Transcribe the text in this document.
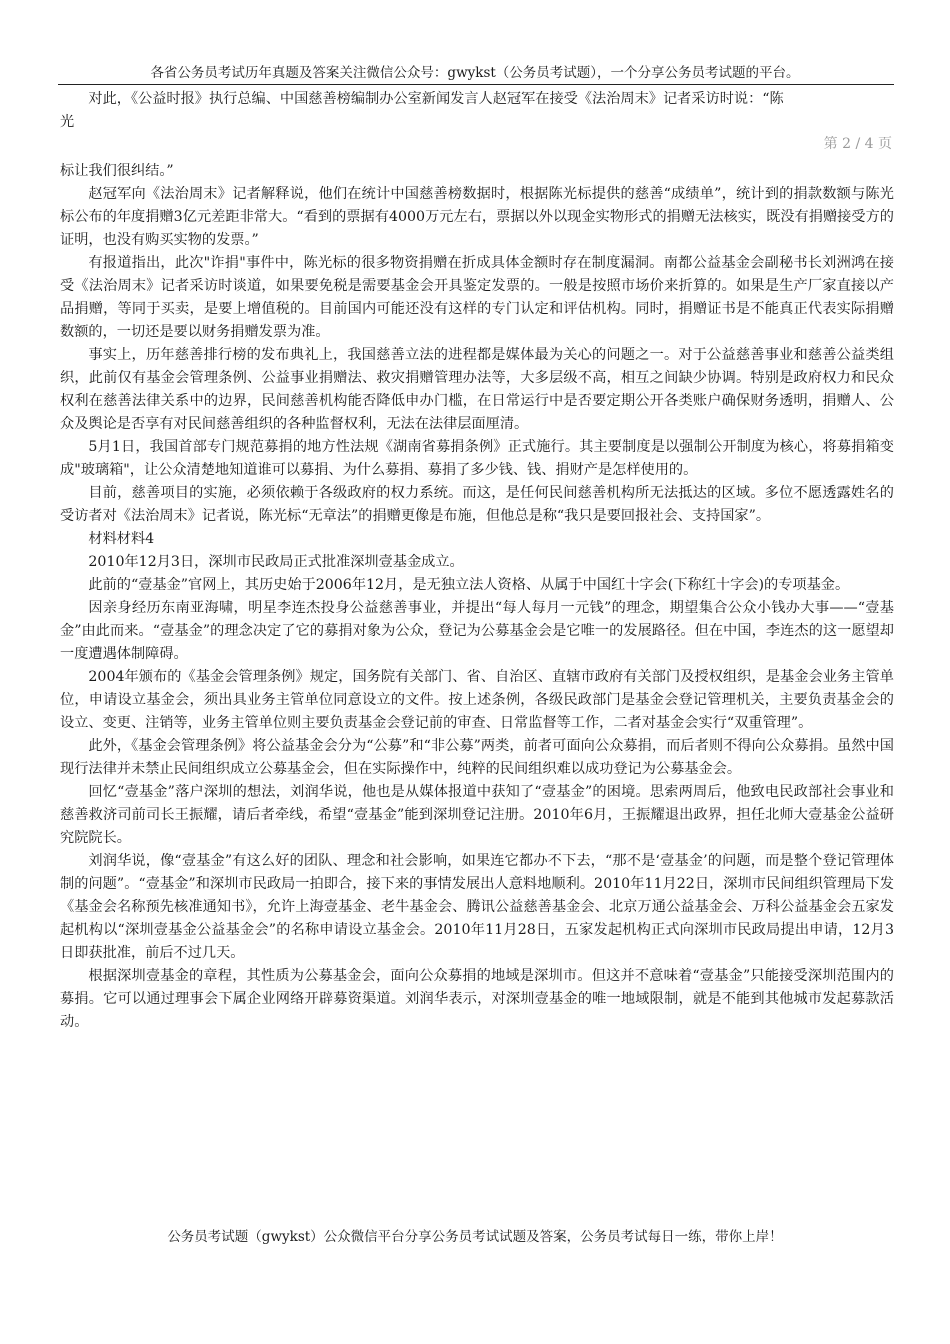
各省公务员考试历年真题及答案关注微信公众号：gwykst（公务员考试题），一个分享公务员考试题的平台。

对此，《公益时报》执行总编、中国慈善榜编制办公室新闻发言人赵冠军在接受《法治周末》记者采访时说：“陈

光
第 2 / 4 页

标让我们很纠结。”

赵冠军向《法治周末》记者解释说，他们在统计中国慈善榜数据时，根据陈光标提供的慈善“成绩单”，统计到的捐款数额与陈光标公布的年度捐赠3亿元差距非常大。“看到的票据有4000万元左右，票据以外以现金实物形式的捐赠无法核实，既没有捐赠接受方的证明，也没有购买实物的发票。”

有报道指出，此次"诈捐"事件中，陈光标的很多物资捐赠在折成具体金额时存在制度漏洞。南都公益基金会副秘书长刘洲鸿在接受《法治周末》记者采访时谈道，如果要免税是需要基金会开具鉴定发票的。一般是按照市场价来折算的。如果是生产厂家直接以产品捐赠，等同于买卖，是要上增值税的。目前国内可能还没有这样的专门认定和评估机构。同时，捐赠证书是不能真正代表实际捐赠数额的，一切还是要以财务捐赠发票为准。

事实上，历年慈善排行榜的发布典礼上，我国慈善立法的进程都是媒体最为关心的问题之一。对于公益慈善事业和慈善公益类组织，此前仅有基金会管理条例、公益事业捐赠法、救灾捐赠管理办法等，大多层级不高，相互之间缺少协调。特别是政府权力和民众权利在慈善法律关系中的边界，民间慈善机构能否降低申办门槛，在日常运行中是否要定期公开各类账户确保财务透明，捐赠人、公众及舆论是否享有对民间慈善组织的各种监督权利，无法在法律层面厘清。

5月1日，我国首部专门规范募捐的地方性法规《湖南省募捐条例》正式施行。其主要制度是以强制公开制度为核心，将募捐箱变成"玻璃箱"，让公众清楚地知道谁可以募捐、为什么募捐、募捐了多少钱、钱、捐财产是怎样使用的。

目前，慈善项目的实施，必须依赖于各级政府的权力系统。而这，是任何民间慈善机构所无法抵达的区域。多位不愿透露姓名的受访者对《法治周末》记者说，陈光标“无章法”的捐赠更像是布施，但他总是称“我只是要回报社会、支持国家”。

材料材料4

2010年12月3日，深圳市民政局正式批准深圳壹基金成立。

此前的“壹基金”官网上，其历史始于2006年12月，是无独立法人资格、从属于中国红十字会(下称红十字会)的专项基金。

因亲身经历东南亚海啸，明星李连杰投身公益慈善事业，并提出“每人每月一元钱”的理念，期望集合公众小钱办大事——“壹基金”由此而来。“壹基金”的理念决定了它的募捐对象为公众，登记为公募基金会是它唯一的发展路径。但在中国，李连杰的这一愿望却一度遭遇体制障碍。

2004年颁布的《基金会管理条例》规定，国务院有关部门、省、自治区、直辖市政府有关部门及授权组织，是基金会业务主管单位，申请设立基金会，须出具业务主管单位同意设立的文件。按上述条例，各级民政部门是基金会登记管理机关，主要负责基金会的设立、变更、注销等，业务主管单位则主要负责基金会登记前的审查、日常监督等工作，二者对基金会实行“双重管理”。

此外，《基金会管理条例》将公益基金会分为“公募”和“非公募”两类，前者可面向公众募捐，而后者则不得向公众募捐。虽然中国现行法律并未禁止民间组织成立公募基金会，但在实际操作中，纯粹的民间组织难以成功登记为公募基金会。

回忆“壹基金”落户深圳的想法，刘润华说，他也是从媒体报道中获知了“壹基金”的困境。思索两周后，他致电民政部社会事业和慈善救济司前司长王振耀，请后者牵线，希望“壹基金”能到深圳登记注册。2010年6月，王振耀退出政界，担任北师大壹基金公益研究院院长。

刘润华说，像“壹基金”有这么好的团队、理念和社会影响，如果连它都办不下去，“那不是‘壹基金’的问题，而是整个登记管理体制的问题”。“壹基金”和深圳市民政局一拍即合，接下来的事情发展出人意料地顺利。2010年11月22日，深圳市民间组织管理局下发《基金会名称预先核准通知书》，允许上海壹基金、老牛基金会、腾讯公益慈善基金会、北京万通公益基金会、万科公益基金会五家发起机构以“深圳壹基金公益基金会”的名称申请设立基金会。2010年11月28日，五家发起机构正式向深圳市民政局提出申请，12月3日即获批准，前后不过几天。

根据深圳壹基金的章程，其性质为公募基金会，面向公众募捐的地域是深圳市。但这并不意味着“壹基金”只能接受深圳范围内的募捐。它可以通过理事会下属企业网络开辟募资渠道。刘润华表示，对深圳壹基金的唯一地域限制，就是不能到其他城市发起募款活动。

公务员考试题（gwykst）公众微信平台分享公务员考试试题及答案，公务员考试每日一练，带你上岸！
